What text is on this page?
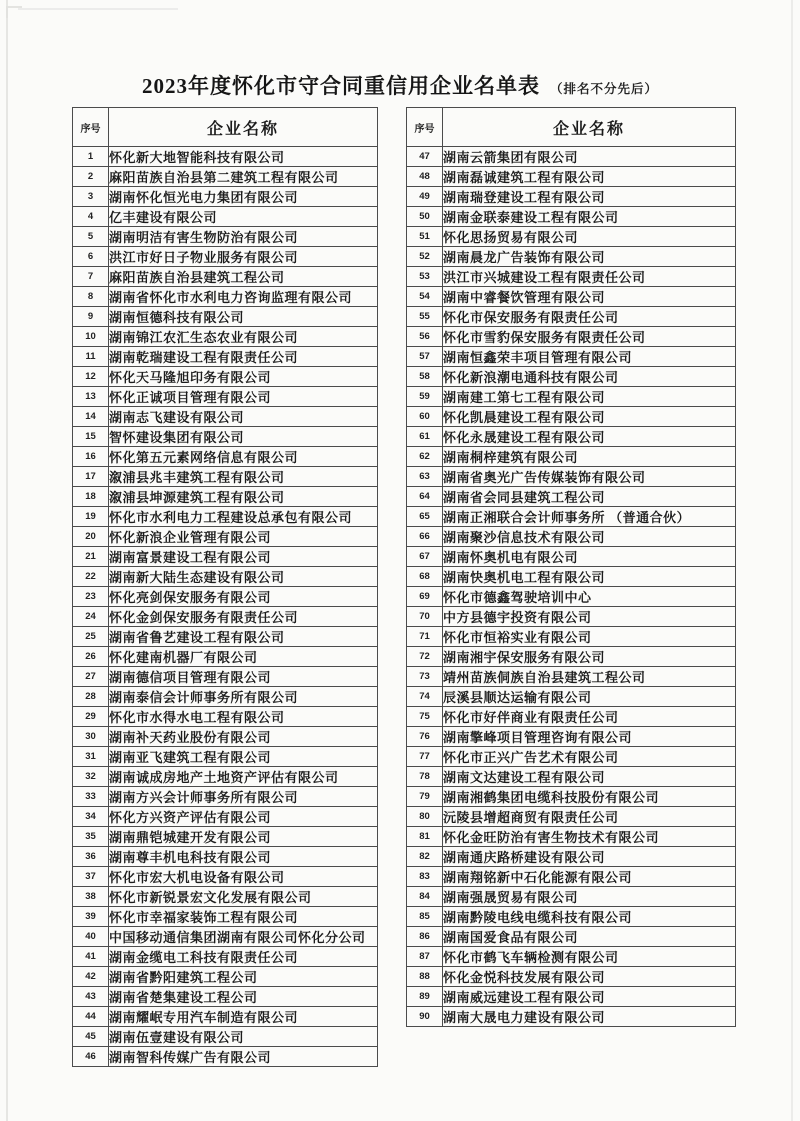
2023年度怀化市守合同重信用企业名单表 （排名不分先后）
序号	企业名称
1	怀化新大地智能科技有限公司
2	麻阳苗族自治县第二建筑工程有限公司
3	湖南怀化恒光电力集团有限公司
4	亿丰建设有限公司
5	湖南明洁有害生物防治有限公司
6	洪江市好日子物业服务有限公司
7	麻阳苗族自治县建筑工程公司
8	湖南省怀化市水利电力咨询监理有限公司
9	湖南恒德科技有限公司
10	湖南锦江农汇生态农业有限公司
11	湖南乾瑞建设工程有限责任公司
12	怀化天马隆旭印务有限公司
13	怀化正诚项目管理有限公司
14	湖南志飞建设有限公司
15	智怀建设集团有限公司
16	怀化第五元素网络信息有限公司
17	溆浦县兆丰建筑工程有限公司
18	溆浦县坤源建筑工程有限公司
19	怀化市水利电力工程建设总承包有限公司
20	怀化新浪企业管理有限公司
21	湖南富景建设工程有限公司
22	湖南新大陆生态建设有限公司
23	怀化亮剑保安服务有限公司
24	怀化金剑保安服务有限责任公司
25	湖南省鲁艺建设工程有限公司
26	怀化建南机器厂有限公司
27	湖南德信项目管理有限公司
28	湖南泰信会计师事务所有限公司
29	怀化市水得水电工程有限公司
30	湖南补天药业股份有限公司
31	湖南亚飞建筑工程有限公司
32	湖南诚成房地产土地资产评估有限公司
33	湖南方兴会计师事务所有限公司
34	怀化方兴资产评估有限公司
35	湖南鼎铠城建开发有限公司
36	湖南尊丰机电科技有限公司
37	怀化市宏大机电设备有限公司
38	怀化市新锐景宏文化发展有限公司
39	怀化市幸福家装饰工程有限公司
40	中国移动通信集团湖南有限公司怀化分公司
41	湖南金缆电工科技有限责任公司
42	湖南省黔阳建筑工程公司
43	湖南省楚集建设工程公司
44	湖南耀岷专用汽车制造有限公司
45	湖南伍壹建设有限公司
46	湖南智科传媒广告有限公司
序号	企业名称
47	湖南云箭集团有限公司
48	湖南磊诚建筑工程有限公司
49	湖南瑞登建设工程有限公司
50	湖南金联泰建设工程有限公司
51	怀化思扬贸易有限公司
52	湖南晨龙广告装饰有限公司
53	洪江市兴城建设工程有限责任公司
54	湖南中睿餐饮管理有限公司
55	怀化市保安服务有限责任公司
56	怀化市雪豹保安服务有限责任公司
57	湖南恒鑫荣丰项目管理有限公司
58	怀化新浪潮电通科技有限公司
59	湖南建工第七工程有限公司
60	怀化凯晨建设工程有限公司
61	怀化永晟建设工程有限公司
62	湖南桐梓建筑有限公司
63	湖南省奥光广告传媒装饰有限公司
64	湖南省会同县建筑工程公司
65	湖南正湘联合会计师事务所 （普通合伙）
66	湖南聚沙信息技术有限公司
67	湖南怀奥机电有限公司
68	湖南快奥机电工程有限公司
69	怀化市德鑫驾驶培训中心
70	中方县德宇投资有限公司
71	怀化市恒裕实业有限公司
72	湖南湘宇保安服务有限公司
73	靖州苗族侗族自治县建筑工程公司
74	辰溪县顺达运输有限公司
75	怀化市好伴商业有限责任公司
76	湖南擎峰项目管理咨询有限公司
77	怀化市正兴广告艺术有限公司
78	湖南文达建设工程有限公司
79	湖南湘鹤集团电缆科技股份有限公司
80	沅陵县增超商贸有限责任公司
81	怀化金旺防治有害生物技术有限公司
82	湖南通庆路桥建设有限公司
83	湖南翔铭新中石化能源有限公司
84	湖南强晟贸易有限公司
85	湖南黔陵电线电缆科技有限公司
86	湖南国爱食品有限公司
87	怀化市鹤飞车辆检测有限公司
88	怀化金悦科技发展有限公司
89	湖南威远建设工程有限公司
90	湖南大晟电力建设有限公司
